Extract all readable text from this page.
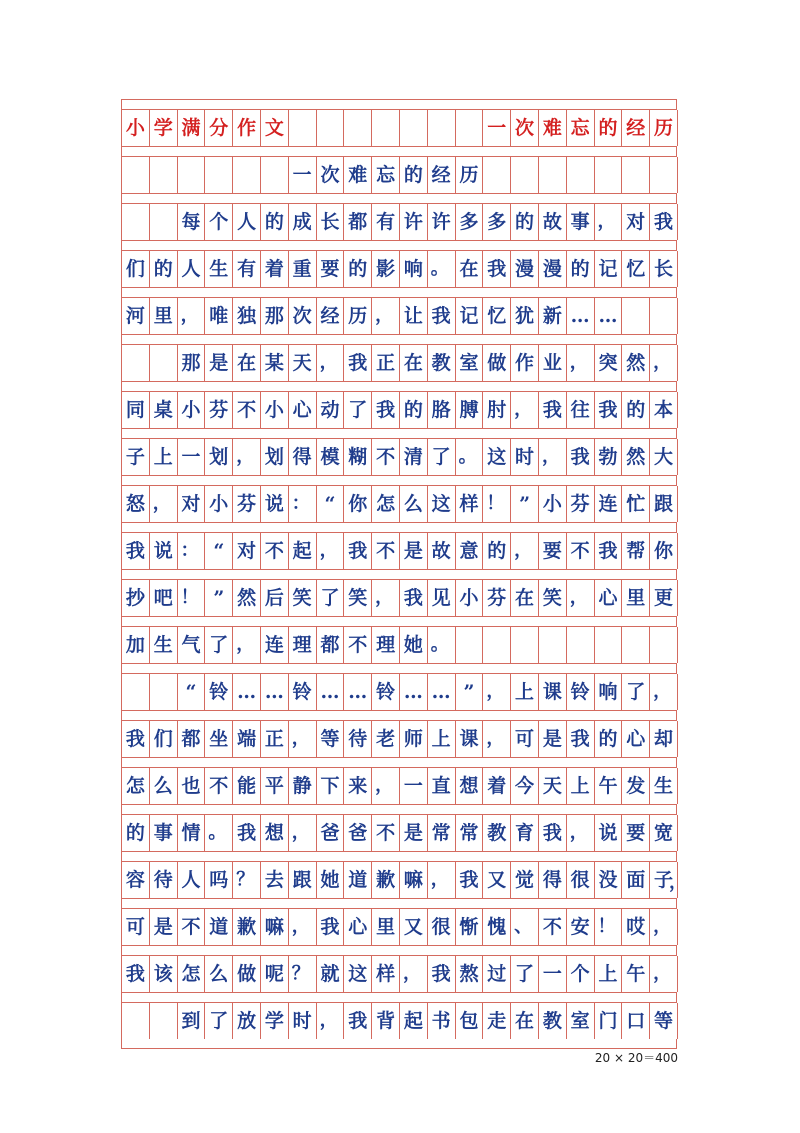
小 学 满 分 作 文	一 次 难 忘 的 经 历
一 次 难 忘 的 经 历
每 个 人 的 成 长 都 有 许 许 多 多 的 故 事 ， 对 我
们 的 人 生 有 着 重 要 的 影 响 。 在 我 漫 漫 的 记 忆 长
河 里 ， 唯 独 那 次 经 历 ， 让 我 记 忆 犹 新 … …
那 是 在 某 天 ， 我 正 在 教 室 做 作 业 ， 突 然 ，
同 桌 小 芬 不 小 心 动 了 我 的 胳 膊 肘 ， 我 往 我 的 本
子 上 一 划 ， 划 得 模 糊 不 清 了 。 这 时 ， 我 勃 然 大
怒 ， 对 小 芬 说 ： “ 你 怎 么 这 样 ！ ” 小 芬 连 忙 跟
我 说 ： “ 对 不 起 ， 我 不 是 故 意 的 ， 要 不 我 帮 你
抄 吧 ！ ” 然 后 笑 了 笑 ， 我 见 小 芬 在 笑 ， 心 里 更
加 生 气 了 ， 连 理 都 不 理 她 。
“ 铃 … … 铃 … … 铃 … … ” ， 上 课 铃 响 了 ，
我 们 都 坐 端 正 ， 等 待 老 师 上 课 ， 可 是 我 的 心 却
怎 么 也 不 能 平 静 下 来 ， 一 直 想 着 今 天 上 午 发 生
的 事 情 。 我 想 ， 爸 爸 不 是 常 常 教 育 我 ， 说 要 宽
容 待 人 吗 ？ 去 跟 她 道 歉 嘛 ， 我 又 觉 得 很 没 面 子
，
可 是 不 道 歉 嘛 ， 我 心 里 又 很 惭 愧 、 不 安 ！ 哎 ，
我 该 怎 么 做 呢 ？ 就 这 样 ， 我 熬 过 了 一 个 上 午 ，
到 了 放 学 时 ， 我 背 起 书 包 走 在 教 室 门 口 等
20 × 20＝400
